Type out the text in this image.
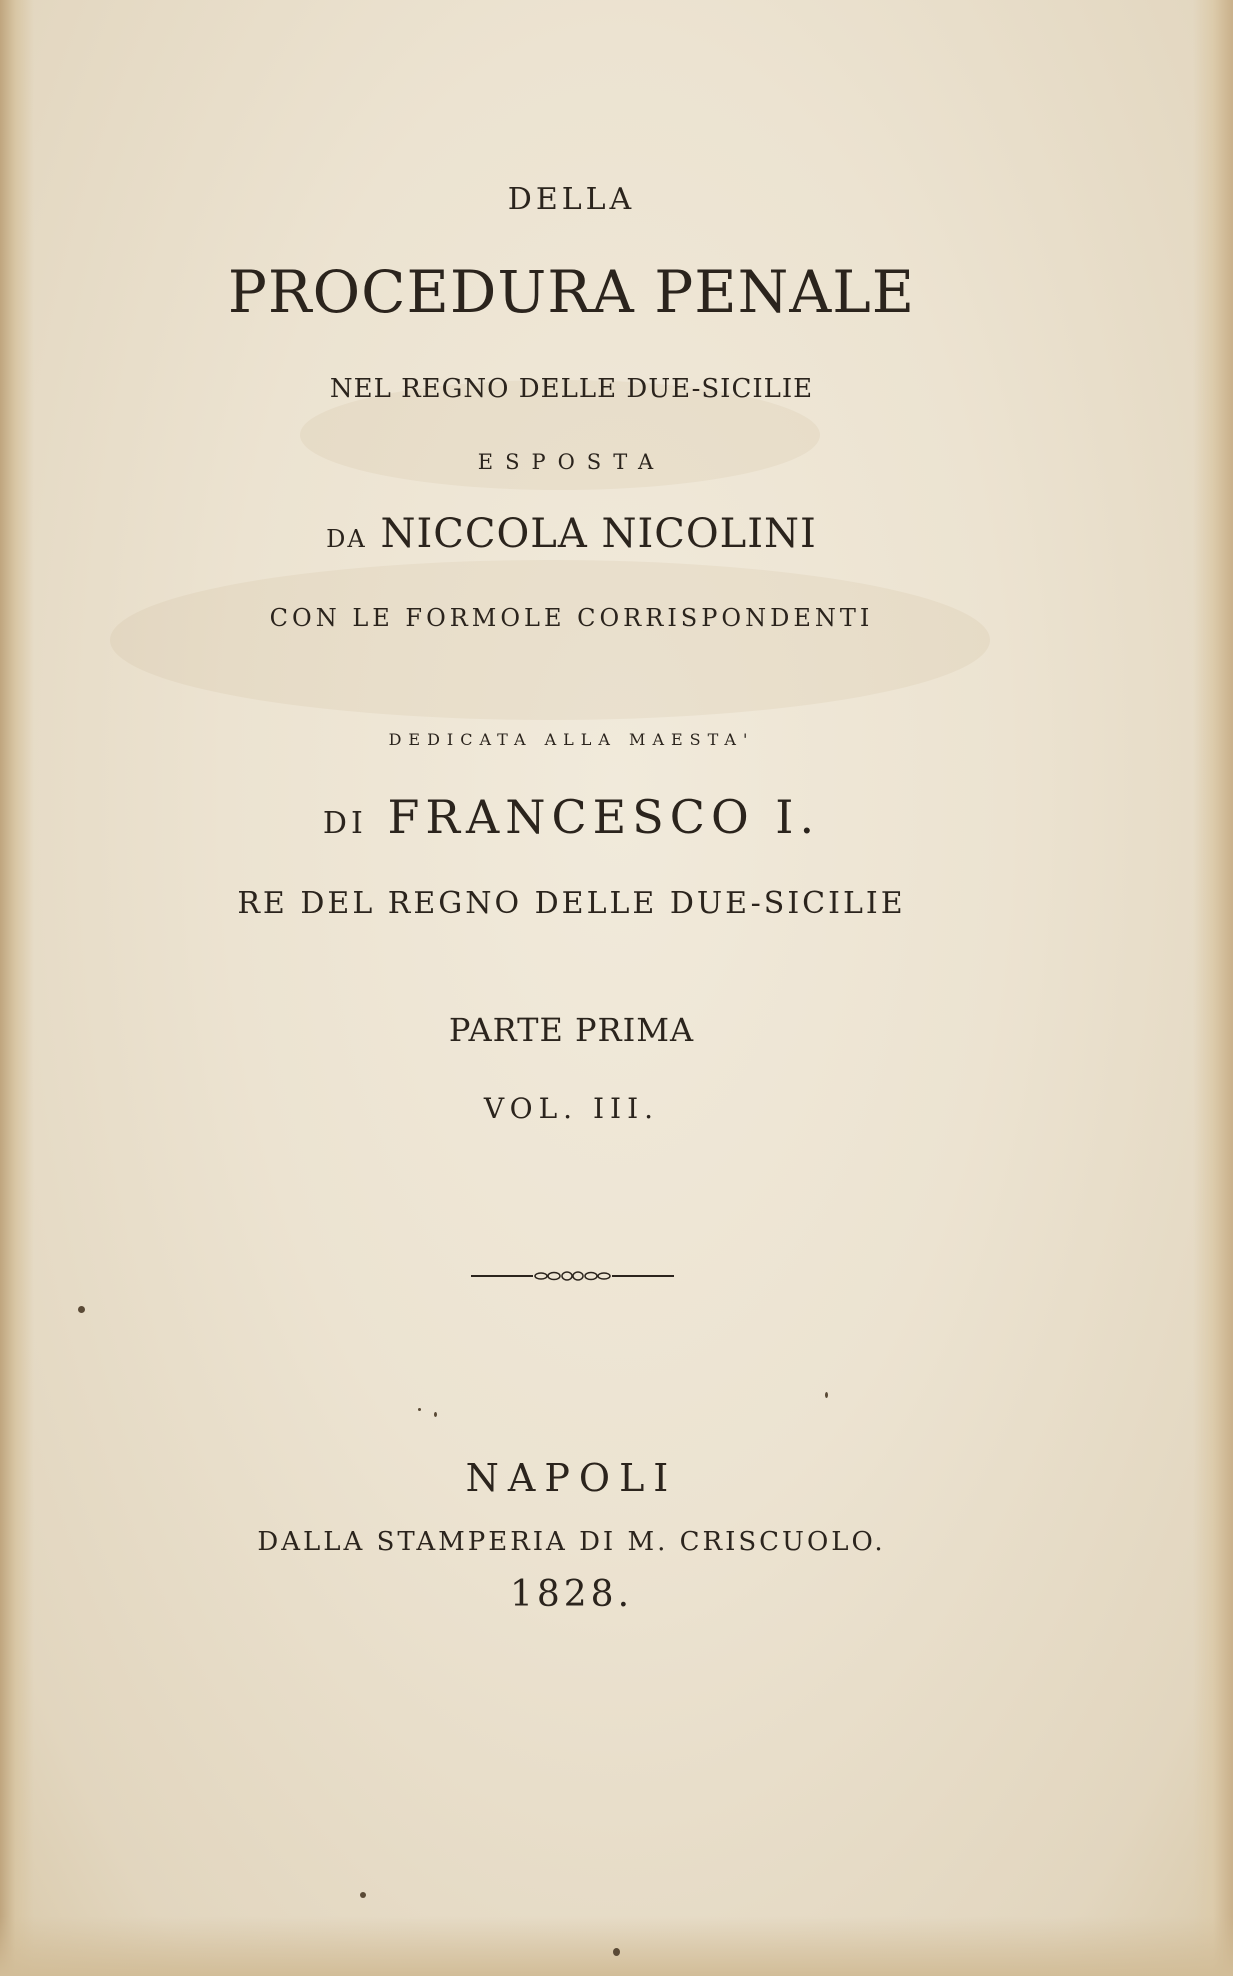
DELLA

PROCEDURA PENALE

NEL REGNO DELLE DUE-SICILIE

ESPOSTA

DA NICCOLA NICOLINI

CON LE FORMOLE CORRISPONDENTI

DEDICATA ALLA MAESTA'

DI FRANCESCO I.

RE DEL REGNO DELLE DUE-SICILIE

PARTE PRIMA

VOL. III.

NAPOLI

DALLA STAMPERIA DI M. CRISCUOLO.

1828.
